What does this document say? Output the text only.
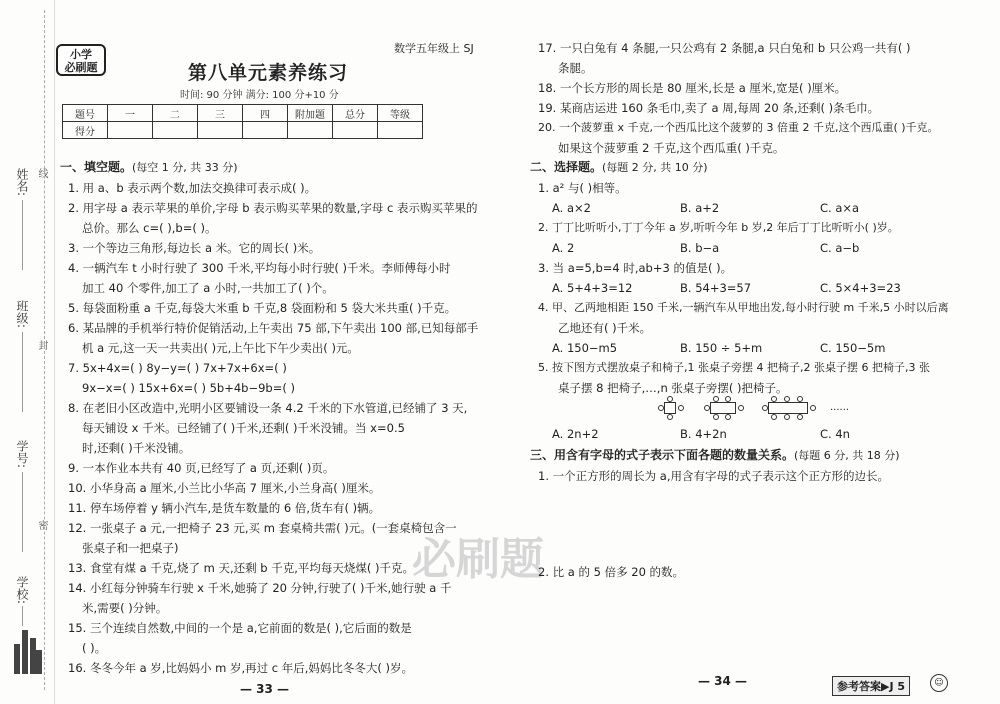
姓名:
班级:
学号:
学校:
线
封
密
小学
必刷题
数学五年级上 SJ
第八单元素养练习
时间: 90 分钟 满分: 100 分+10 分
题号	一	二	三	四	附加题	总分	等级
得分							
一、填空题。(每空 1 分, 共 33 分)
1. 用 a、b 表示两个数,加法交换律可表示成( )。
2. 用字母 a 表示苹果的单价,字母 b 表示购买苹果的数量,字母 c 表示购买苹果的
总价。那么 c=( ),b=( )。
3. 一个等边三角形,每边长 a 米。它的周长( )米。
4. 一辆汽车 t 小时行驶了 300 千米,平均每小时行驶( )千米。李师傅每小时
加工 40 个零件,加工了 a 小时,一共加工了( )个。
5. 每袋面粉重 a 千克,每袋大米重 b 千克,8 袋面粉和 5 袋大米共重( )千克。
6. 某品牌的手机举行特价促销活动,上午卖出 75 部,下午卖出 100 部,已知每部手
机 a 元,这一天一共卖出( )元,上午比下午少卖出( )元。
7. 5x+4x=( ) 8y−y=( ) 7x+7x+6x=( )
9x−x=( ) 15x+6x=( ) 5b+4b−9b=( )
8. 在老旧小区改造中,光明小区要铺设一条 4.2 千米的下水管道,已经铺了 3 天,
每天铺设 x 千米。已经铺了( )千米,还剩( )千米没铺。当 x=0.5
时,还剩( )千米没铺。
9. 一本作业本共有 40 页,已经写了 a 页,还剩( )页。
10. 小华身高 a 厘米,小兰比小华高 7 厘米,小兰身高( )厘米。
11. 停车场停着 y 辆小汽车,是货车数量的 6 倍,货车有( )辆。
12. 一张桌子 a 元,一把椅子 23 元,买 m 套桌椅共需( )元。(一套桌椅包含一
张桌子和一把桌子)
13. 食堂有煤 a 千克,烧了 m 天,还剩 b 千克,平均每天烧煤( )千克。
14. 小红每分钟骑车行驶 x 千米,她骑了 20 分钟,行驶了( )千米,她行驶 a 千
米,需要( )分钟。
15. 三个连续自然数,中间的一个是 a,它前面的数是( ),它后面的数是
( )。
16. 冬冬今年 a 岁,比妈妈小 m 岁,再过 c 年后,妈妈比冬冬大( )岁。
— 33 —
必刷题
17. 一只白兔有 4 条腿,一只公鸡有 2 条腿,a 只白兔和 b 只公鸡一共有( )
条腿。
18. 一个长方形的周长是 80 厘米,长是 a 厘米,宽是( )厘米。
19. 某商店运进 160 条毛巾,卖了 a 周,每周 20 条,还剩( )条毛巾。
20. 一个菠萝重 x 千克,一个西瓜比这个菠萝的 3 倍重 2 千克,这个西瓜重( )千克。
如果这个菠萝重 2 千克,这个西瓜重( )千克。
二、选择题。(每题 2 分, 共 10 分)
1. a² 与( )相等。
A. a×2	B. a+2	C. a×a
2. 丁丁比听听小,丁丁今年 a 岁,听听今年 b 岁,2 年后丁丁比听听小( )岁。
A. 2	B. b−a	C. a−b
3. 当 a=5,b=4 时,ab+3 的值是( )。
A. 5+4+3=12	B. 54+3=57	C. 5×4+3=23
4. 甲、乙两地相距 150 千米,一辆汽车从甲地出发,每小时行驶 m 千米,5 小时以后离
乙地还有( )千米。
A. 150−m5	B. 150 ÷ 5+m	C. 150−5m
5. 按下图方式摆放桌子和椅子,1 张桌子旁摆 4 把椅子,2 张桌子摆 6 把椅子,3 张
桌子摆 8 把椅子,…,n 张桌子旁摆( )把椅子。
......
A. 2n+2	B. 4+2n	C. 4n
三、用含有字母的式子表示下面各题的数量关系。(每题 6 分, 共 18 分)
1. 一个正方形的周长为 a,用含有字母的式子表示这个正方形的边长。
2. 比 a 的 5 倍多 20 的数。
— 34 —	参考答案▶J 5	☺
